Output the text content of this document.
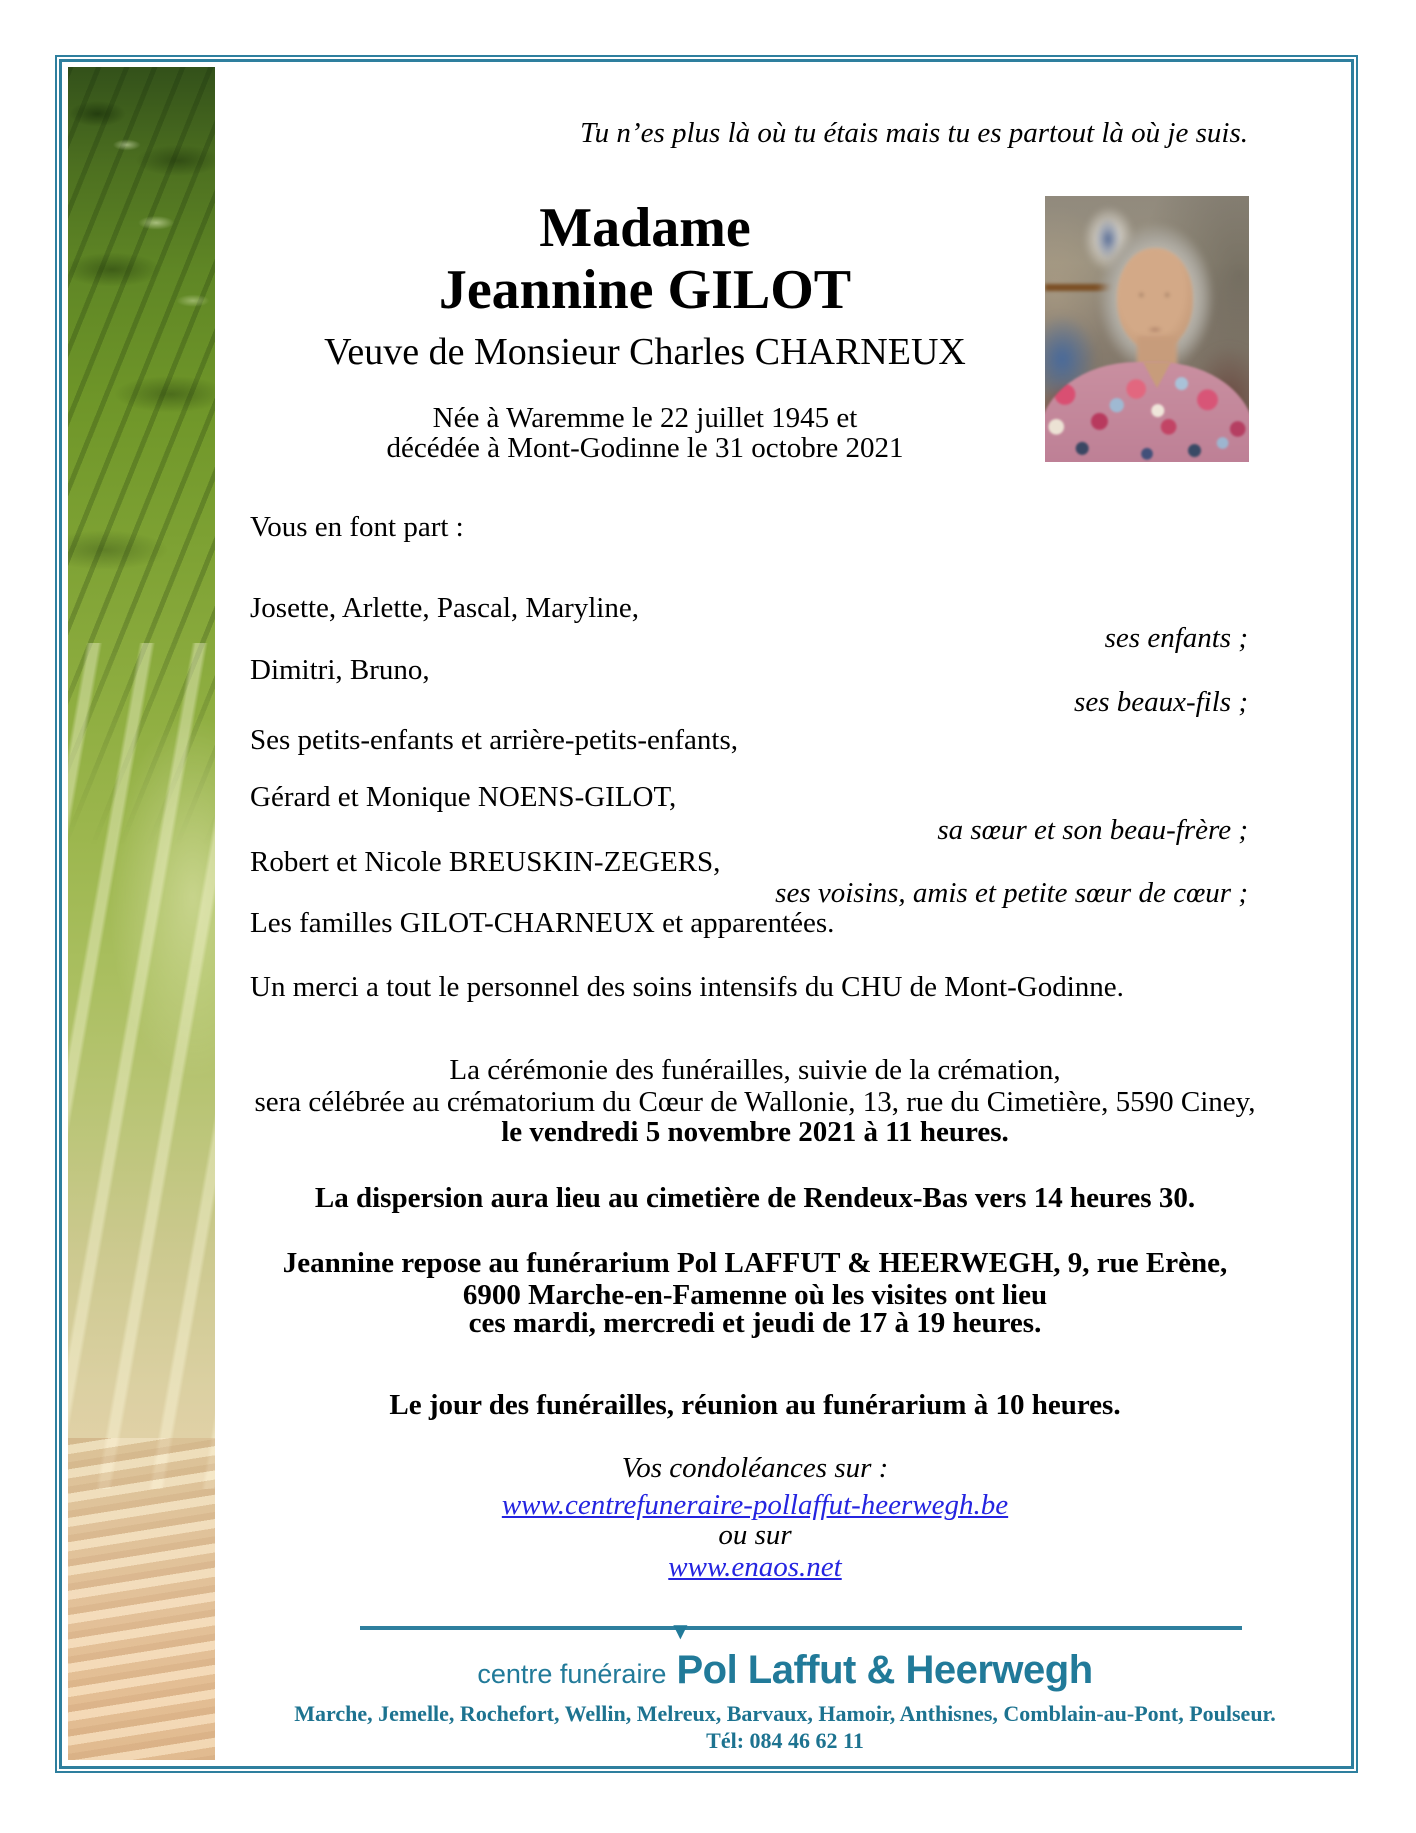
Tu n’es plus là où tu étais mais tu es partout là où je suis.
Madame
Jeannine GILOT
Veuve de Monsieur Charles CHARNEUX
Née à Waremme le 22 juillet 1945 et
décédée à Mont-Godinne le 31 octobre 2021
Vous en font part :
Josette, Arlette, Pascal, Maryline,
ses enfants ;
Dimitri, Bruno,
ses beaux-fils ;
Ses petits-enfants et arrière-petits-enfants,
Gérard et Monique NOENS-GILOT,
sa sœur et son beau-frère ;
Robert et Nicole BREUSKIN-ZEGERS,
ses voisins, amis et petite sœur de cœur ;
Les familles GILOT-CHARNEUX et apparentées.
Un merci a tout le personnel des soins intensifs du CHU de Mont-Godinne.
La cérémonie des funérailles, suivie de la crémation,
sera célébrée au crématorium du Cœur de Wallonie, 13, rue du Cimetière, 5590 Ciney,
le vendredi 5 novembre 2021 à 11 heures.
La dispersion aura lieu au cimetière de Rendeux-Bas vers 14 heures 30.
Jeannine repose au funérarium Pol LAFFUT & HEERWEGH, 9, rue Erène,
6900 Marche-en-Famenne où les visites ont lieu
ces mardi, mercredi et jeudi de 17 à 19 heures.
Le jour des funérailles, réunion au funérarium à 10 heures.
Vos condoléances sur :
www.centrefuneraire-pollaffut-heerwegh.be
ou sur
www.enaos.net
centre funéraire
▼
Pol Laffut & Heerwegh
Marche, Jemelle, Rochefort, Wellin, Melreux, Barvaux, Hamoir, Anthisnes, Comblain-au-Pont, Poulseur.
Tél: 084 46 62 11
